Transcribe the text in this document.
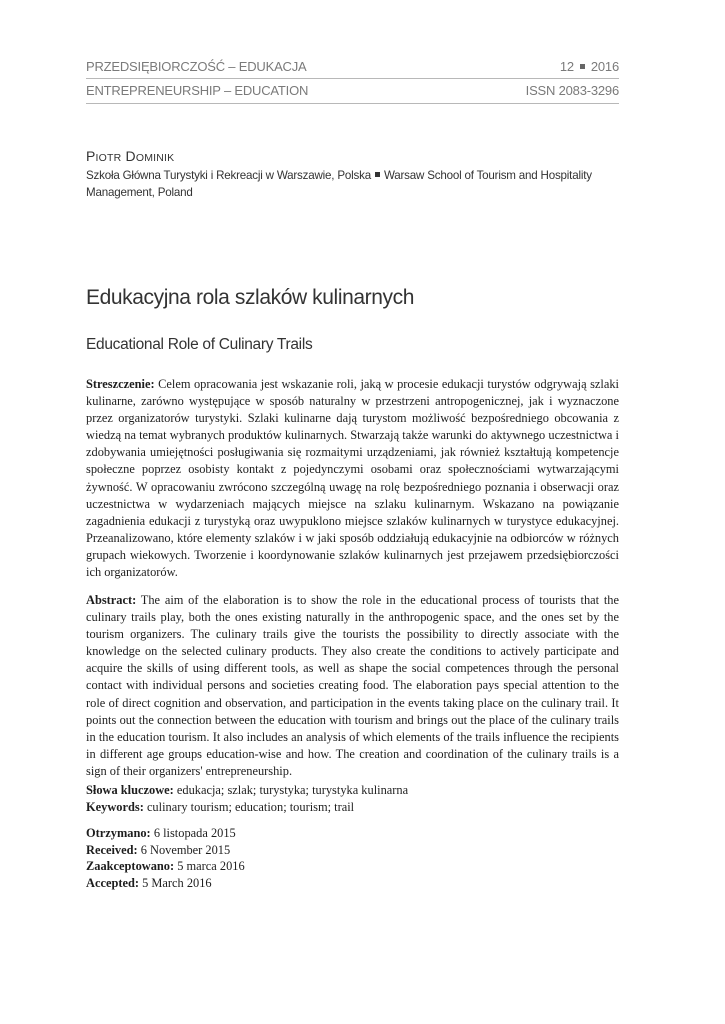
PRZEDSIĘBIORCZOŚĆ – EDUKACJA	12 2016
ENTREPRENEURSHIP – EDUCATION	ISSN 2083-3296
PIOTR DOMINIK
Szkoła Główna Turystyki i Rekreacji w Warszawie, Polska Warsaw School of Tourism and Hospitality Management, Poland
Edukacyjna rola szlaków kulinarnych
Educational Role of Culinary Trails
Streszczenie: Celem opracowania jest wskazanie roli, jaką w procesie edukacji turystów odgrywają szlaki kulinarne, zarówno występujące w sposób naturalny w przestrzeni antropogenicznej, jak i wyznaczone przez organizatorów turystyki. Szlaki kulinarne dają turystom możliwość bezpośredniego obcowania z wiedzą na temat wybranych produktów kulinarnych. Stwarzają także warunki do aktywnego uczestnictwa i zdobywania umiejętności posługiwania się rozmaitymi urządzeniami, jak również kształtują kompetencje społeczne poprzez osobisty kontakt z pojedynczymi osobami oraz społecznościami wytwarzającymi żywność. W opracowaniu zwrócono szczególną uwagę na rolę bezpośredniego poznania i obserwacji oraz uczestnictwa w wydarzeniach mających miejsce na szlaku kulinarnym. Wskazano na powiązanie zagadnienia edukacji z turystyką oraz uwypuklono miejsce szlaków kulinarnych w turystyce edukacyjnej. Przeanalizowano, które elementy szlaków i w jaki sposób oddziałują edukacyjnie na odbiorców w różnych grupach wiekowych. Tworzenie i koordynowanie szlaków kulinarnych jest przejawem przedsiębiorczości ich organizatorów.
Abstract: The aim of the elaboration is to show the role in the educational process of tourists that the culinary trails play, both the ones existing naturally in the anthropogenic space, and the ones set by the tourism organizers. The culinary trails give the tourists the possibility to directly associate with the knowledge on the selected culinary products. They also create the conditions to actively participate and acquire the skills of using different tools, as well as shape the social competences through the personal contact with individual persons and societies creating food. The elaboration pays special attention to the role of direct cognition and observation, and participation in the events taking place on the culinary trail. It points out the connection between the education with tourism and brings out the place of the culinary trails in the education tourism. It also includes an analysis of which elements of the trails influence the recipients in different age groups education-wise and how. The creation and coordination of the culinary trails is a sign of their organizers' entrepreneurship.
Słowa kluczowe: edukacja; szlak; turystyka; turystyka kulinarna
Keywords: culinary tourism; education; tourism; trail
Otrzymano: 6 listopada 2015
Received: 6 November 2015
Zaakceptowano: 5 marca 2016
Accepted: 5 March 2016
